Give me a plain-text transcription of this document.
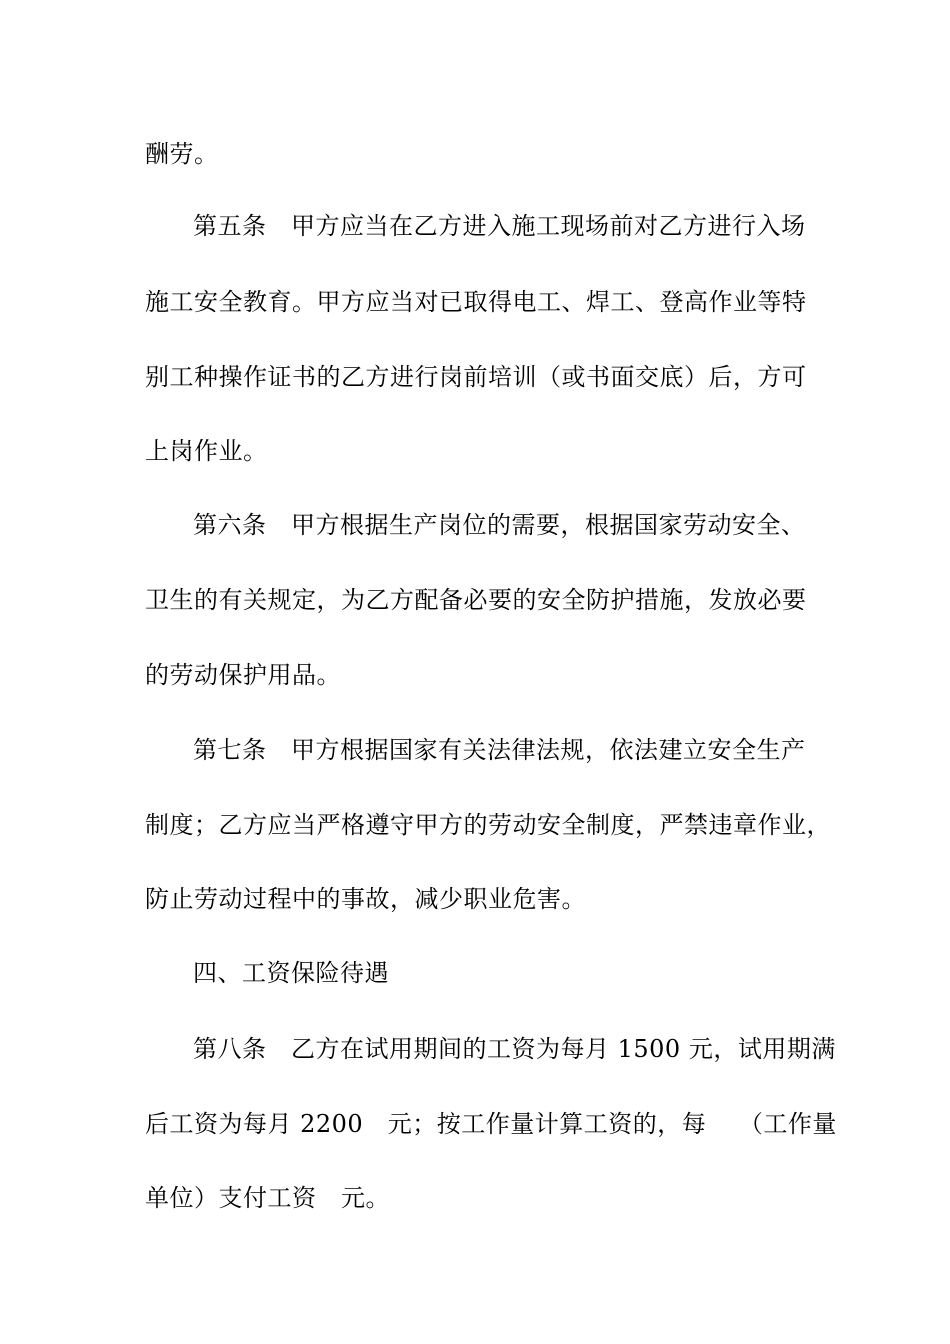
酬劳。
第五条　甲方应当在乙方进入施工现场前对乙方进行入场
施工安全教育。甲方应当对已取得电工、焊工、登高作业等特
别工种操作证书的乙方进行岗前培训（或书面交底）后，方可
上岗作业。
第六条　甲方根据生产岗位的需要，根据国家劳动安全、
卫生的有关规定，为乙方配备必要的安全防护措施，发放必要
的劳动保护用品。
第七条　甲方根据国家有关法律法规，依法建立安全生产
制度；乙方应当严格遵守甲方的劳动安全制度，严禁违章作业，
防止劳动过程中的事故，减少职业危害。
四、工资保险待遇
第八条　乙方在试用期间的工资为每月 1500 元，试用期满
后工资为每月 2200　元；按工作量计算工资的，每　 （工作量
单位）支付工资　元。
